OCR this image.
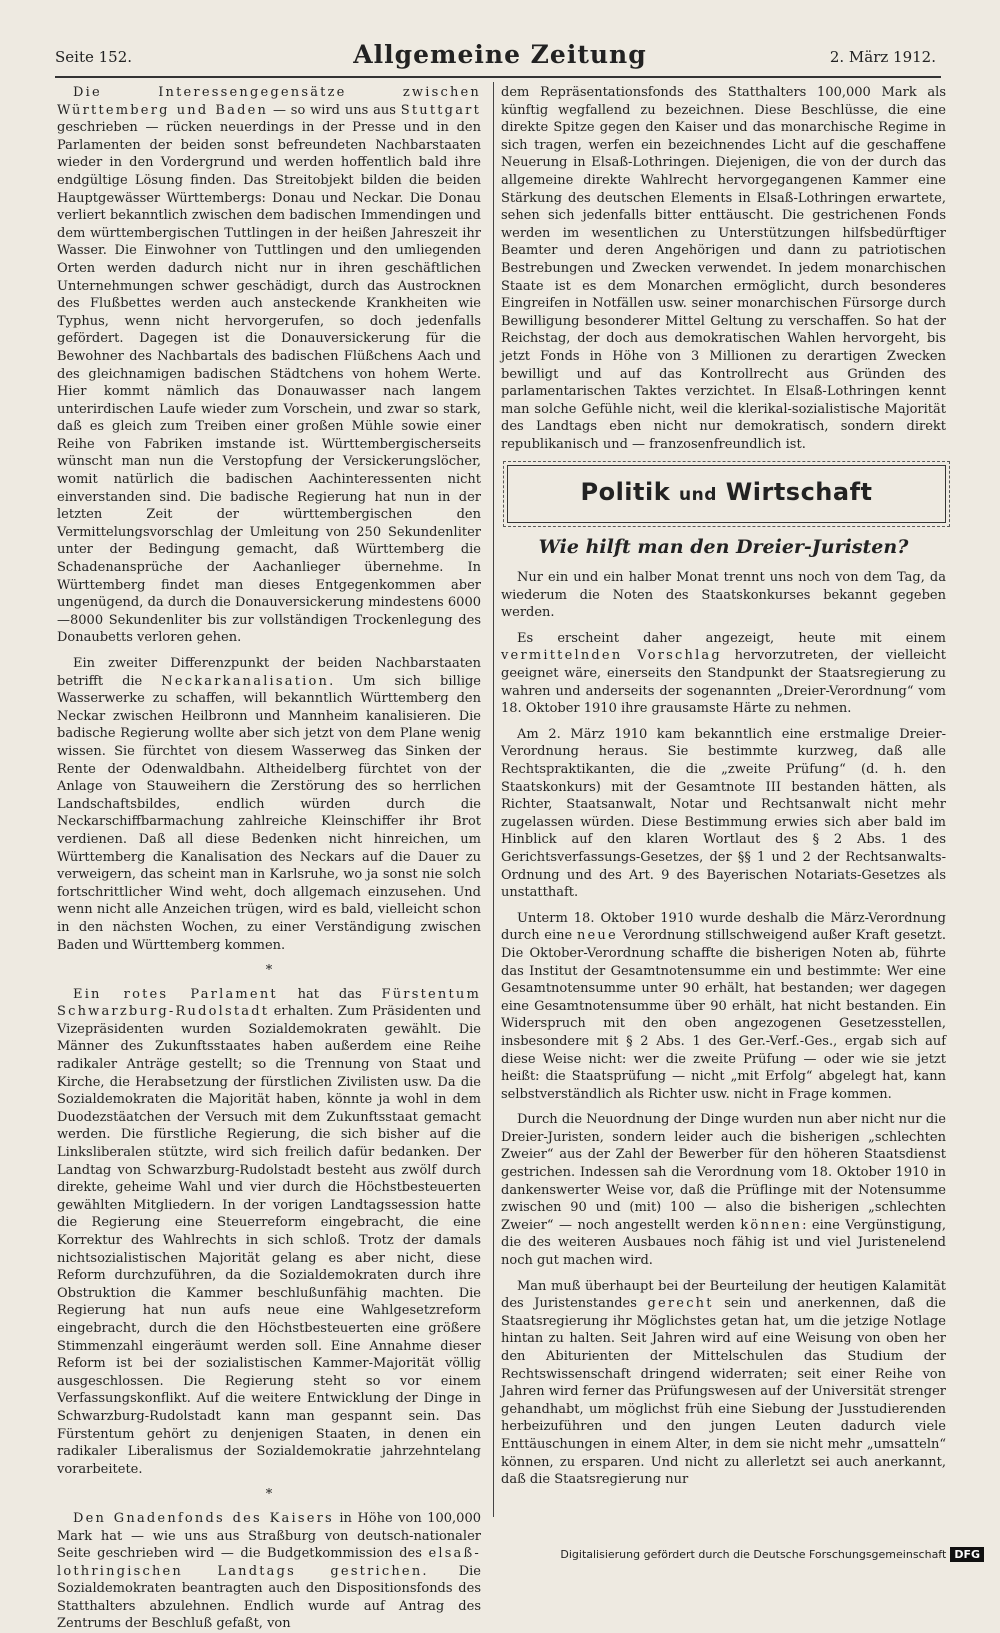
Seite 152.	Allgemeine Zeitung	2. März 1912.

Die Interessengegensätze zwischen Württemberg und Baden — so wird uns aus Stuttgart geschrieben — rücken neuerdings in der Presse und in den Parlamenten der beiden sonst befreundeten Nachbarstaaten wieder in den Vordergrund und werden hoffentlich bald ihre endgültige Lösung finden. Das Streitobjekt bilden die beiden Hauptgewässer Württembergs: Donau und Neckar. Die Donau verliert bekanntlich zwischen dem badischen Immendingen und dem württembergischen Tuttlingen in der heißen Jahreszeit ihr Wasser. Die Einwohner von Tuttlingen und den umliegenden Orten werden dadurch nicht nur in ihren geschäftlichen Unternehmungen schwer geschädigt, durch das Austrocknen des Flußbettes werden auch ansteckende Krankheiten wie Typhus, wenn nicht hervorgerufen, so doch jedenfalls gefördert. Dagegen ist die Donauversickerung für die Bewohner des Nachbartals des badischen Flüßchens Aach und des gleichnamigen badischen Städtchens von hohem Werte. Hier kommt nämlich das Donauwasser nach langem unterirdischen Laufe wieder zum Vorschein, und zwar so stark, daß es gleich zum Treiben einer großen Mühle sowie einer Reihe von Fabriken imstande ist. Württembergischerseits wünscht man nun die Verstopfung der Versickerungslöcher, womit natürlich die badischen Aachinteressenten nicht einverstanden sind. Die badische Regierung hat nun in der letzten Zeit der württembergischen den Vermittelungsvorschlag der Umleitung von 250 Sekundenliter unter der Bedingung gemacht, daß Württemberg die Schadenansprüche der Aachanlieger übernehme. In Württemberg findet man dieses Entgegenkommen aber ungenügend, da durch die Donauversickerung mindestens 6000—8000 Sekundenliter bis zur vollständigen Trockenlegung des Donaubetts verloren gehen.

Ein zweiter Differenzpunkt der beiden Nachbarstaaten betrifft die Neckarkanalisation. Um sich billige Wasserwerke zu schaffen, will bekanntlich Württemberg den Neckar zwischen Heilbronn und Mannheim kanalisieren. Die badische Regierung wollte aber sich jetzt von dem Plane wenig wissen. Sie fürchtet von diesem Wasserweg das Sinken der Rente der Odenwaldbahn. Altheidelberg fürchtet von der Anlage von Stauweihern die Zerstörung des so herrlichen Landschaftsbildes, endlich würden durch die Neckarschiffbarmachung zahlreiche Kleinschiffer ihr Brot verdienen. Daß all diese Bedenken nicht hinreichen, um Württemberg die Kanalisation des Neckars auf die Dauer zu verweigern, das scheint man in Karlsruhe, wo ja sonst nie solch fortschrittlicher Wind weht, doch allgemach einzusehen. Und wenn nicht alle Anzeichen trügen, wird es bald, vielleicht schon in den nächsten Wochen, zu einer Verständigung zwischen Baden und Württemberg kommen.

*

Ein rotes Parlament hat das Fürstentum Schwarzburg-Rudolstadt erhalten. Zum Präsidenten und Vizepräsidenten wurden Sozialdemokraten gewählt. Die Männer des Zukunftsstaates haben außerdem eine Reihe radikaler Anträge gestellt; so die Trennung von Staat und Kirche, die Herabsetzung der fürstlichen Zivilisten usw. Da die Sozialdemokraten die Majorität haben, könnte ja wohl in dem Duodezstäatchen der Versuch mit dem Zukunftsstaat gemacht werden. Die fürstliche Regierung, die sich bisher auf die Linksliberalen stützte, wird sich freilich dafür bedanken. Der Landtag von Schwarzburg-Rudolstadt besteht aus zwölf durch direkte, geheime Wahl und vier durch die Höchstbesteuerten gewählten Mitgliedern. In der vorigen Landtagssession hatte die Regierung eine Steuerreform eingebracht, die eine Korrektur des Wahlrechts in sich schloß. Trotz der damals nichtsozialistischen Majorität gelang es aber nicht, diese Reform durchzuführen, da die Sozialdemokraten durch ihre Obstruktion die Kammer beschlußunfähig machten. Die Regierung hat nun aufs neue eine Wahlgesetzreform eingebracht, durch die den Höchstbesteuerten eine größere Stimmenzahl eingeräumt werden soll. Eine Annahme dieser Reform ist bei der sozialistischen Kammer-Majorität völlig ausgeschlossen. Die Regierung steht so vor einem Verfassungskonflikt. Auf die weitere Entwicklung der Dinge in Schwarzburg-Rudolstadt kann man gespannt sein. Das Fürstentum gehört zu denjenigen Staaten, in denen ein radikaler Liberalismus der Sozialdemokratie jahrzehntelang vorarbeitete.

*

Den Gnadenfonds des Kaisers in Höhe von 100,000 Mark hat — wie uns aus Straßburg von deutsch-nationaler Seite geschrieben wird — die Budgetkommission des elsaß-lothringischen Landtags gestrichen. Die Sozialdemokraten beantragten auch den Dispositionsfonds des Statthalters abzulehnen. Endlich wurde auf Antrag des Zentrums der Beschluß gefaßt, von

dem Repräsentationsfonds des Statthalters 100,000 Mark als künftig wegfallend zu bezeichnen. Diese Beschlüsse, die eine direkte Spitze gegen den Kaiser und das monarchische Regime in sich tragen, werfen ein bezeichnendes Licht auf die geschaffene Neuerung in Elsaß-Lothringen. Diejenigen, die von der durch das allgemeine direkte Wahlrecht hervorgegangenen Kammer eine Stärkung des deutschen Elements in Elsaß-Lothringen erwartete, sehen sich jedenfalls bitter enttäuscht. Die gestrichenen Fonds werden im wesentlichen zu Unterstützungen hilfsbedürftiger Beamter und deren Angehörigen und dann zu patriotischen Bestrebungen und Zwecken verwendet. In jedem monarchischen Staate ist es dem Monarchen ermöglicht, durch besonderes Eingreifen in Notfällen usw. seiner monarchischen Fürsorge durch Bewilligung besonderer Mittel Geltung zu verschaffen. So hat der Reichstag, der doch aus demokratischen Wahlen hervorgeht, bis jetzt Fonds in Höhe von 3 Millionen zu derartigen Zwecken bewilligt und auf das Kontrollrecht aus Gründen des parlamentarischen Taktes verzichtet. In Elsaß-Lothringen kennt man solche Gefühle nicht, weil die klerikal-sozialistische Majorität des Landtags eben nicht nur demokratisch, sondern direkt republikanisch und — franzosenfreundlich ist.

Politik und Wirtschaft
Wie hilft man den Dreier-Juristen?

Nur ein und ein halber Monat trennt uns noch von dem Tag, da wiederum die Noten des Staatskonkurses bekannt gegeben werden.

Es erscheint daher angezeigt, heute mit einem vermittelnden Vorschlag hervorzutreten, der vielleicht geeignet wäre, einerseits den Standpunkt der Staatsregierung zu wahren und anderseits der sogenannten „Dreier-Verordnung“ vom 18. Oktober 1910 ihre grausamste Härte zu nehmen.

Am 2. März 1910 kam bekanntlich eine erstmalige Dreier-Verordnung heraus. Sie bestimmte kurzweg, daß alle Rechtspraktikanten, die die „zweite Prüfung“ (d. h. den Staatskonkurs) mit der Gesamtnote III bestanden hätten, als Richter, Staatsanwalt, Notar und Rechtsanwalt nicht mehr zugelassen würden. Diese Bestimmung erwies sich aber bald im Hinblick auf den klaren Wortlaut des § 2 Abs. 1 des Gerichtsverfassungs-Gesetzes, der §§ 1 und 2 der Rechtsanwalts-Ordnung und des Art. 9 des Bayerischen Notariats-Gesetzes als unstatthaft.

Unterm 18. Oktober 1910 wurde deshalb die März-Verordnung durch eine neue Verordnung stillschweigend außer Kraft gesetzt. Die Oktober-Verordnung schaffte die bisherigen Noten ab, führte das Institut der Gesamtnotensumme ein und bestimmte: Wer eine Gesamtnotensumme unter 90 erhält, hat bestanden; wer dagegen eine Gesamtnotensumme über 90 erhält, hat nicht bestanden. Ein Widerspruch mit den oben angezogenen Gesetzesstellen, insbesondere mit § 2 Abs. 1 des Ger.-Verf.-Ges., ergab sich auf diese Weise nicht: wer die zweite Prüfung — oder wie sie jetzt heißt: die Staatsprüfung — nicht „mit Erfolg“ abgelegt hat, kann selbstverständlich als Richter usw. nicht in Frage kommen.

Durch die Neuordnung der Dinge wurden nun aber nicht nur die Dreier-Juristen, sondern leider auch die bisherigen „schlechten Zweier“ aus der Zahl der Bewerber für den höheren Staatsdienst gestrichen. Indessen sah die Verordnung vom 18. Oktober 1910 in dankenswerter Weise vor, daß die Prüflinge mit der Notensumme zwischen 90 und (mit) 100 — also die bisherigen „schlechten Zweier“ — noch angestellt werden können: eine Vergünstigung, die des weiteren Ausbaues noch fähig ist und viel Juristenelend noch gut machen wird.

Man muß überhaupt bei der Beurteilung der heutigen Kalamität des Juristenstandes gerecht sein und anerkennen, daß die Staatsregierung ihr Möglichstes getan hat, um die jetzige Notlage hintan zu halten. Seit Jahren wird auf eine Weisung von oben her den Abiturienten der Mittelschulen das Studium der Rechtswissenschaft dringend widerraten; seit einer Reihe von Jahren wird ferner das Prüfungswesen auf der Universität strenger gehandhabt, um möglichst früh eine Siebung der Jusstudierenden herbeizuführen und den jungen Leuten dadurch viele Enttäuschungen in einem Alter, in dem sie nicht mehr „umsatteln“ können, zu ersparen. Und nicht zu allerletzt sei auch anerkannt, daß die Staatsregierung nur

Digitalisierung gefördert durch die Deutsche Forschungsgemeinschaft DFG
